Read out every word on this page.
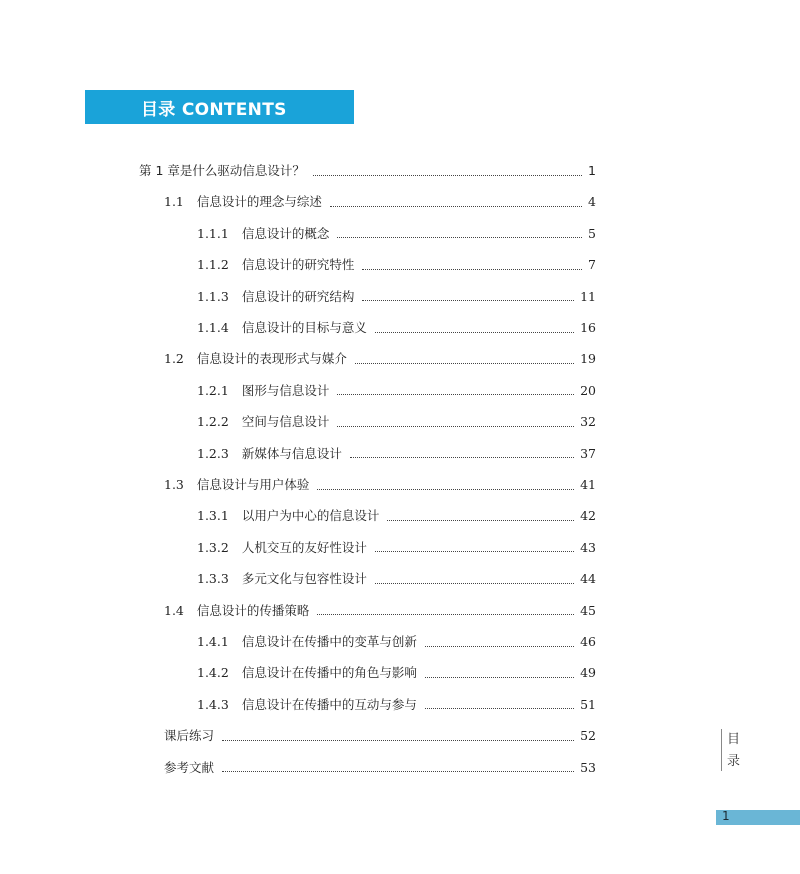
目录 CONTENTS
第 1 章 是什么驱动信息设计？	1
1.1 信息设计的理念与综述	4
1.1.1 信息设计的概念	5
1.1.2 信息设计的研究特性	7
1.1.3 信息设计的研究结构	11
1.1.4 信息设计的目标与意义	16
1.2 信息设计的表现形式与媒介	19
1.2.1 图形与信息设计	20
1.2.2 空间与信息设计	32
1.2.3 新媒体与信息设计	37
1.3 信息设计与用户体验	41
1.3.1 以用户为中心的信息设计	42
1.3.2 人机交互的友好性设计	43
1.3.3 多元文化与包容性设计	44
1.4 信息设计的传播策略	45
1.4.1 信息设计在传播中的变革与创新	46
1.4.2 信息设计在传播中的角色与影响	49
1.4.3 信息设计在传播中的互动与参与	51
课后练习	52
参考文献	53
目
录
1
